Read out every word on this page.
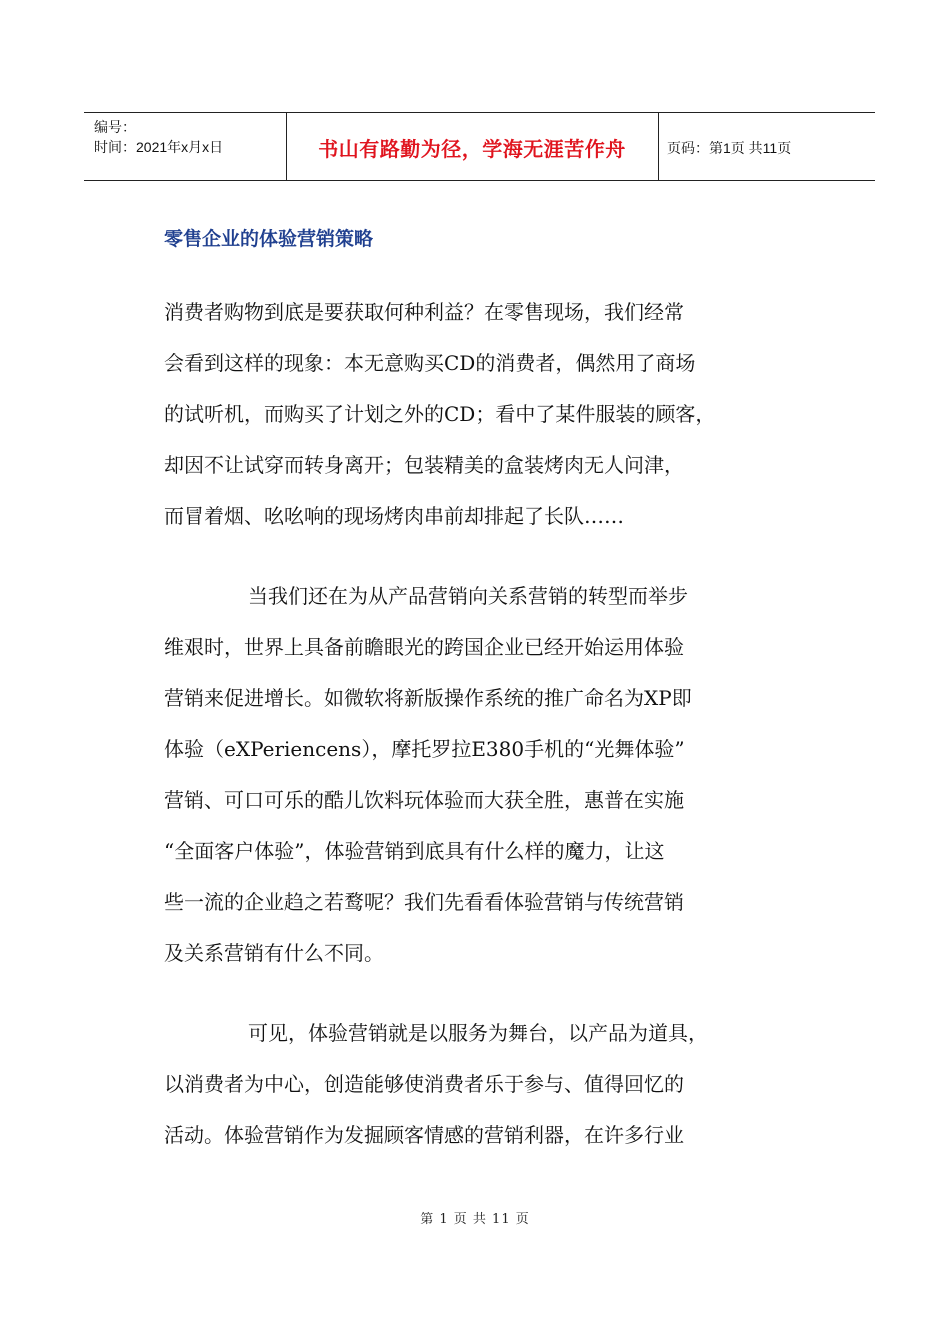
编号：
时间：2021年x月x日	书山有路勤为径，学海无涯苦作舟	页码：第1页 共11页
零售企业的体验营销策略
消费者购物到底是要获取何种利益？在零售现场，我们经常
会看到这样的现象：本无意购买CD的消费者，偶然用了商场
的试听机，而购买了计划之外的CD；看中了某件服装的顾客，
却因不让试穿而转身离开；包装精美的盒装烤肉无人问津，
而冒着烟、吆吆响的现场烤肉串前却排起了长队……
当我们还在为从产品营销向关系营销的转型而举步
维艰时，世界上具备前瞻眼光的跨国企业已经开始运用体验
营销来促进增长。如微软将新版操作系统的推广命名为XP即
体验（eXPeriencens），摩托罗拉E380手机的“光舞体验”
营销、可口可乐的酷儿饮料玩体验而大获全胜，惠普在实施
“全面客户体验”，体验营销到底具有什么样的魔力，让这
些一流的企业趋之若鹜呢？我们先看看体验营销与传统营销
及关系营销有什么不同。
可见，体验营销就是以服务为舞台，以产品为道具，
以消费者为中心，创造能够使消费者乐于参与、值得回忆的
活动。体验营销作为发掘顾客情感的营销利器，在许多行业
第 1 页 共 11 页
